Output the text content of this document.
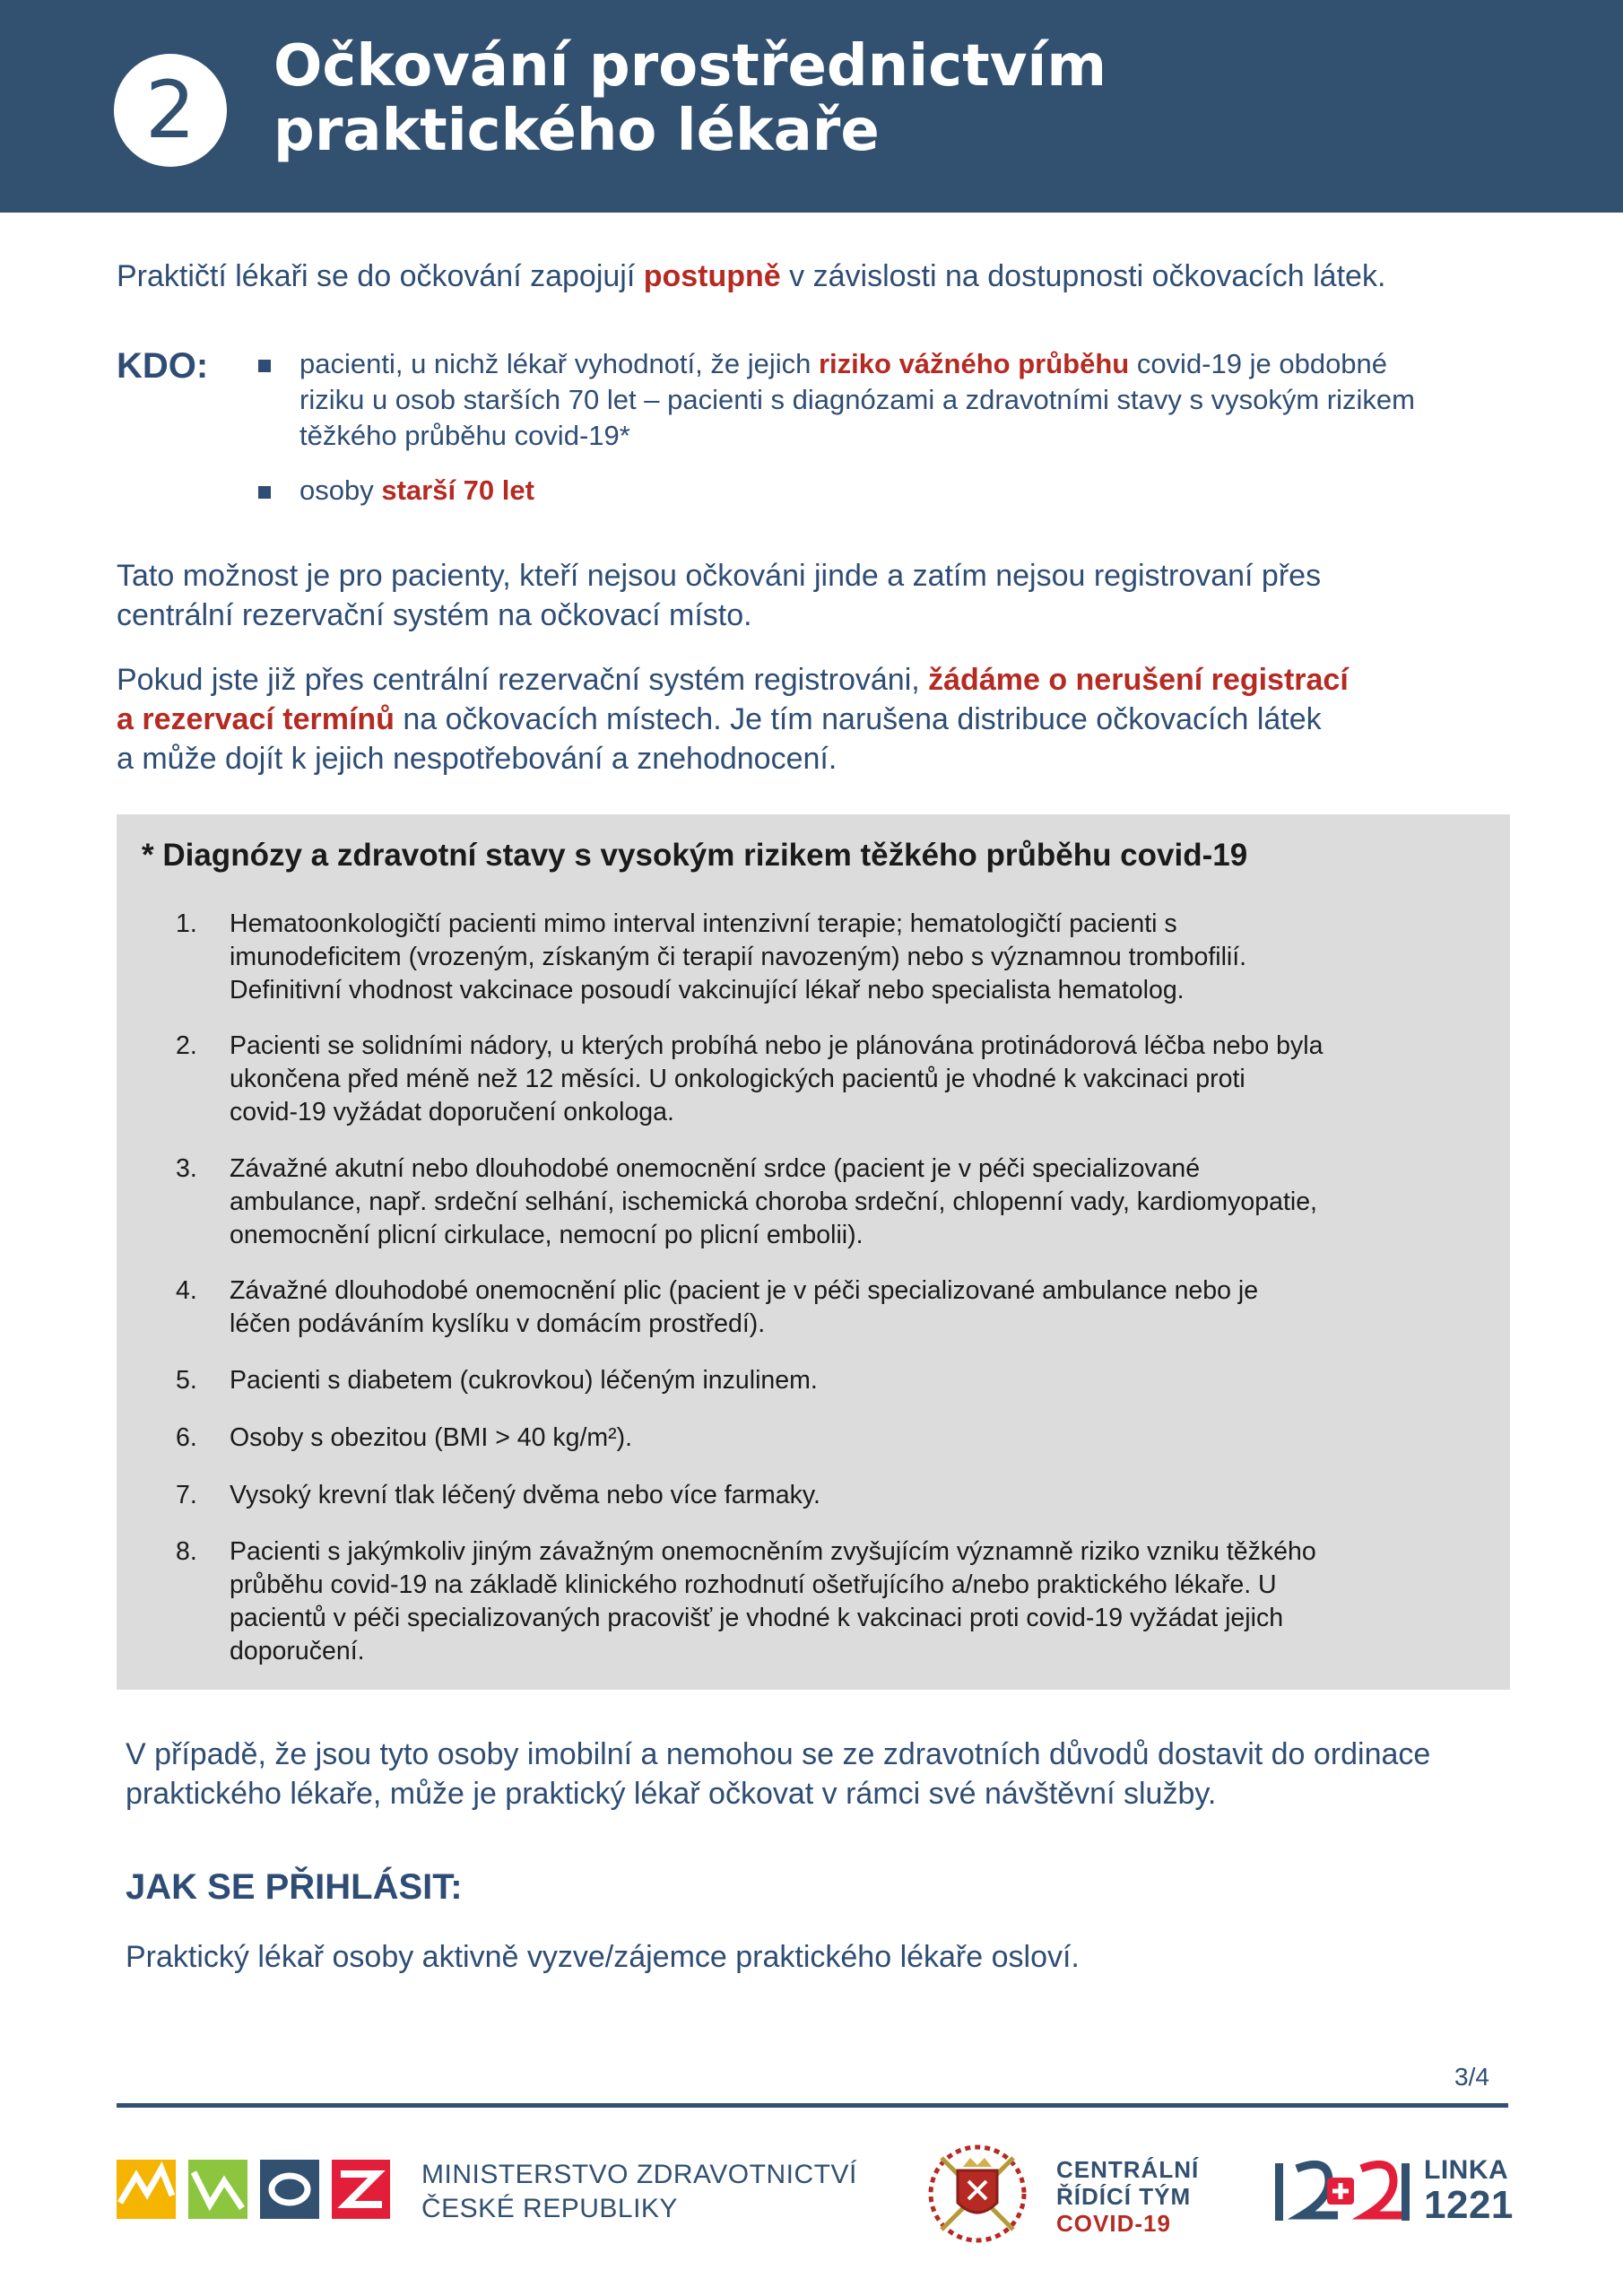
2	Očkování prostřednictvím
praktického lékaře
Praktičtí lékaři se do očkování zapojují postupně v závislosti na dostupnosti očkovacích látek.
KDO:	pacienti, u nichž lékař vyhodnotí, že jejich riziko vážného průběhu covid-19 je obdobné
riziku u osob starších 70 let – pacienti s diagnózami a zdravotními stavy s vysokým rizikem
těžkého průběhu covid-19*
osoby starší 70 let
Tato možnost je pro pacienty, kteří nejsou očkováni jinde a zatím nejsou registrovaní přes
centrální rezervační systém na očkovací místo.
Pokud jste již přes centrální rezervační systém registrováni, žádáme o nerušení registrací
a rezervací termínů na očkovacích místech. Je tím narušena distribuce očkovacích látek
a může dojít k jejich nespotřebování a znehodnocení.
* Diagnózy a zdravotní stavy s vysokým rizikem těžkého průběhu covid-19
1. Hematoonkologičtí pacienti mimo interval intenzivní terapie; hematologičtí pacienti s
imunodeficitem (vrozeným, získaným či terapií navozeným) nebo s významnou trombofilií.
Definitivní vhodnost vakcinace posoudí vakcinující lékař nebo specialista hematolog.
2. Pacienti se solidními nádory, u kterých probíhá nebo je plánována protinádorová léčba nebo byla
ukončena před méně než 12 měsíci. U onkologických pacientů je vhodné k vakcinaci proti
covid-19 vyžádat doporučení onkologa.
3. Závažné akutní nebo dlouhodobé onemocnění srdce (pacient je v péči specializované
ambulance, např. srdeční selhání, ischemická choroba srdeční, chlopenní vady, kardiomyopatie,
onemocnění plicní cirkulace, nemocní po plicní embolii).
4. Závažné dlouhodobé onemocnění plic (pacient je v péči specializované ambulance nebo je
léčen podáváním kyslíku v domácím prostředí).
5. Pacienti s diabetem (cukrovkou) léčeným inzulinem.
6. Osoby s obezitou (BMI > 40 kg/m²).
7. Vysoký krevní tlak léčený dvěma nebo více farmaky.
8. Pacienti s jakýmkoliv jiným závažným onemocněním zvyšujícím významně riziko vzniku těžkého
průběhu covid-19 na základě klinického rozhodnutí ošetřujícího a/nebo praktického lékaře. U
pacientů v péči specializovaných pracovišť je vhodné k vakcinaci proti covid-19 vyžádat jejich
doporučení.
V případě, že jsou tyto osoby imobilní a nemohou se ze zdravotních důvodů dostavit do ordinace
praktického lékaře, může je praktický lékař očkovat v rámci své návštěvní služby.
JAK SE PŘIHLÁSIT:
Praktický lékař osoby aktivně vyzve/zájemce praktického lékaře osloví.
3/4
MINISTERSTVO ZDRAVOTNICTVÍ
ČESKÉ REPUBLIKY
CENTRÁLNÍ
ŘÍDÍCÍ TÝM
COVID-19
LINKA
1221
